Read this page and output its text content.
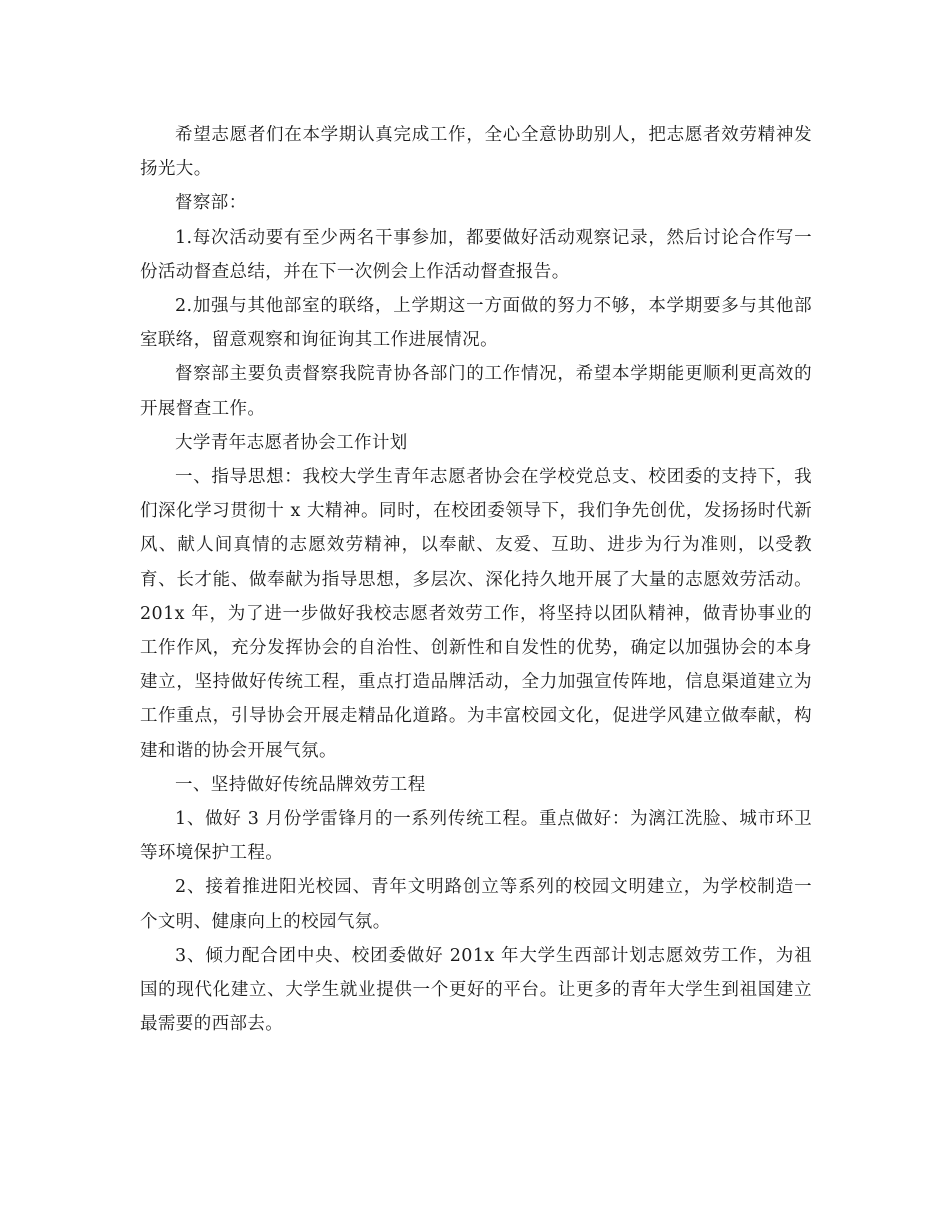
希望志愿者们在本学期认真完成工作，全心全意协助别人，把志愿者效劳精神发扬光大。

督察部：

1.每次活动要有至少两名干事参加，都要做好活动观察记录，然后讨论合作写一份活动督查总结，并在下一次例会上作活动督查报告。

2.加强与其他部室的联络，上学期这一方面做的努力不够，本学期要多与其他部室联络，留意观察和询征询其工作进展情况。

督察部主要负责督察我院青协各部门的工作情况，希望本学期能更顺利更高效的开展督查工作。

大学青年志愿者协会工作计划

一、指导思想：我校大学生青年志愿者协会在学校党总支、校团委的支持下，我们深化学习贯彻十 x 大精神。同时，在校团委领导下，我们争先创优，发扬扬时代新风、献人间真情的志愿效劳精神，以奉献、友爱、互助、进步为行为准则，以受教育、长才能、做奉献为指导思想，多层次、深化持久地开展了大量的志愿效劳活动。201x 年，为了进一步做好我校志愿者效劳工作，将坚持以团队精神，做青协事业的工作作风，充分发挥协会的自治性、创新性和自发性的优势，确定以加强协会的本身建立，坚持做好传统工程，重点打造品牌活动，全力加强宣传阵地，信息渠道建立为工作重点，引导协会开展走精品化道路。为丰富校园文化，促进学风建立做奉献，构建和谐的协会开展气氛。

一、坚持做好传统品牌效劳工程

1、做好 3 月份学雷锋月的一系列传统工程。重点做好：为漓江洗脸、城市环卫等环境保护工程。

2、接着推进阳光校园、青年文明路创立等系列的校园文明建立，为学校制造一个文明、健康向上的校园气氛。

3、倾力配合团中央、校团委做好 201x 年大学生西部计划志愿效劳工作，为祖国的现代化建立、大学生就业提供一个更好的平台。让更多的青年大学生到祖国建立最需要的西部去。
